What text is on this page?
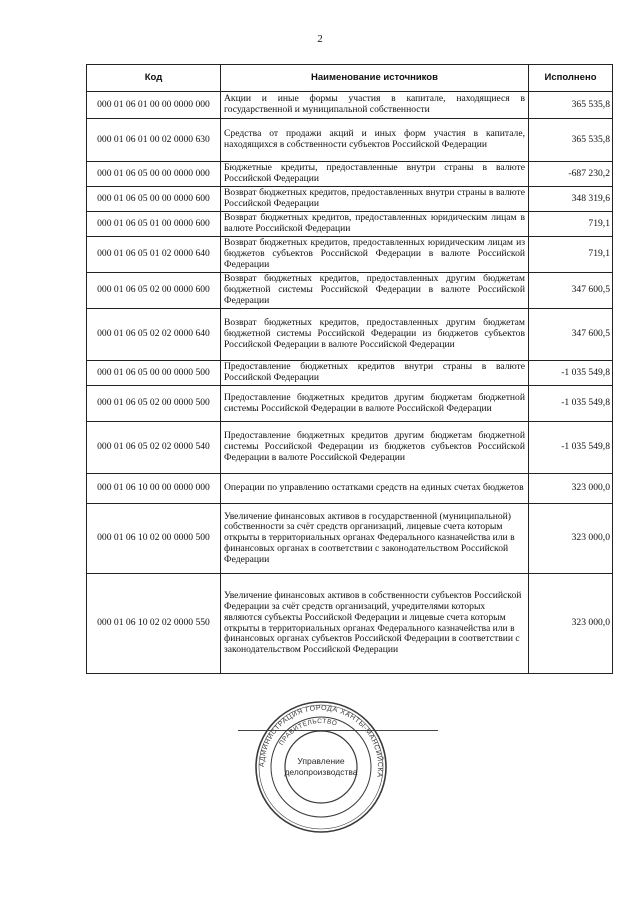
2
Код	Наименование источников	Исполнено
000 01 06 01 00 00 0000 000	Акции и иные формы участия в капитале, находящиеся в государственной и муниципальной собственности	365 535,8
000 01 06 01 00 02 0000 630	Средства от продажи акций и иных форм участия в капитале, находящихся в собственности субъектов Российской Федерации	365 535,8
000 01 06 05 00 00 0000 000	Бюджетные кредиты, предоставленные внутри страны в валюте Российской Федерации	-687 230,2
000 01 06 05 00 00 0000 600	Возврат бюджетных кредитов, предоставленных внутри страны в валюте Российской Федерации	348 319,6
000 01 06 05 01 00 0000 600	Возврат бюджетных кредитов, предоставленных юридическим лицам в валюте Российской Федерации	719,1
000 01 06 05 01 02 0000 640	Возврат бюджетных кредитов, предоставленных юридическим лицам из бюджетов субъектов Российской Федерации в валюте Российской Федерации	719,1
000 01 06 05 02 00 0000 600	Возврат бюджетных кредитов, предоставленных другим бюджетам бюджетной системы Российской Федерации в валюте Российской Федерации	347 600,5
000 01 06 05 02 02 0000 640	Возврат бюджетных кредитов, предоставленных другим бюджетам бюджетной системы Российской Федерации из бюджетов субъектов Российской Федерации в валюте Российской Федерации	347 600,5
000 01 06 05 00 00 0000 500	Предоставление бюджетных кредитов внутри страны в валюте Российской Федерации	-1 035 549,8
000 01 06 05 02 00 0000 500	Предоставление бюджетных кредитов другим бюджетам бюджетной системы Российской Федерации в валюте Российской Федерации	-1 035 549,8
000 01 06 05 02 02 0000 540	Предоставление бюджетных кредитов другим бюджетам бюджетной системы Российской Федерации из бюджетов субъектов Российской Федерации в валюте Российской Федерации	-1 035 549,8
000 01 06 10 00 00 0000 000	Операции по управлению остатками средств на единых счетах бюджетов	323 000,0
000 01 06 10 02 00 0000 500	Увеличение финансовых активов в государственной (муниципальной) собственности за счёт средств организаций, лицевые счета которым открыты в территориальных органах Федерального казначейства или в финансовых органах в соответствии с законодательством Российской Федерации	323 000,0
000 01 06 10 02 02 0000 550	Увеличение финансовых активов в собственности субъектов Российской Федерации за счёт средств организаций, учредителями которых являются субъекты Российской Федерации и лицевые счета которым открыты в территориальных органах Федерального казначейства или в финансовых органах субъектов Российской Федерации в соответствии с законодательством Российской Федерации	323 000,0
АДМИНИСТРАЦИЯ ГОРОДА ХАНТЫ-МАНСИЙСКА
ПРАВИТЕЛЬСТВО
Управление
делопроизводства
